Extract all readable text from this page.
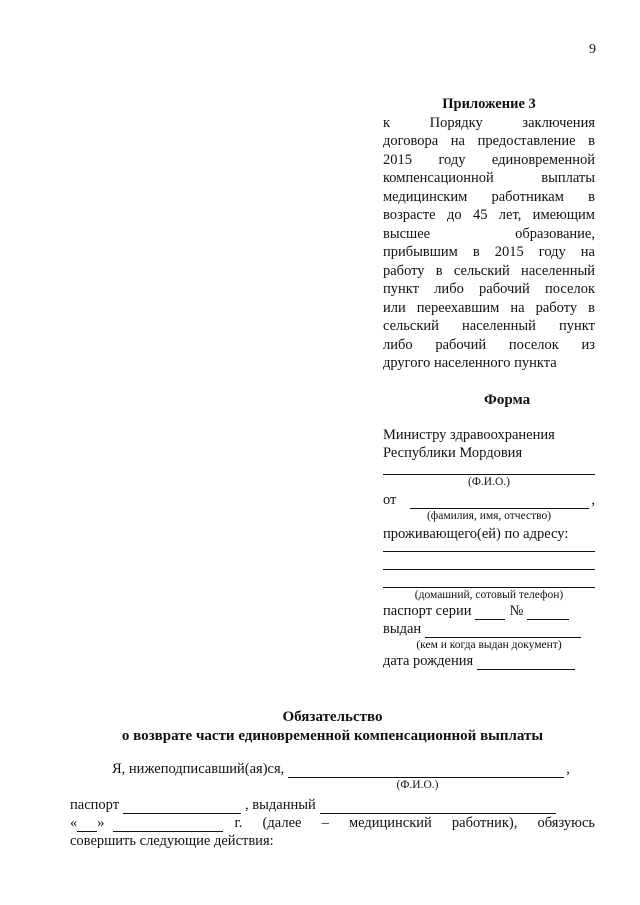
9
Приложение 3
к Порядку заключения
договора на предоставление в
2015 году единовременной
компенсационной выплаты
медицинским работникам в
возрасте до 45 лет, имеющим
высшее образование,
прибывшим в 2015 году на
работу в сельский населенный
пункт либо рабочий поселок
или переехавшим на работу в
сельский населенный пункт
либо рабочий поселок из
другого населенного пункта
Форма
Министру здравоохранения
Республики Мордовия
(Ф.И.О.)
от	,
(фамилия, имя, отчество)
проживающего(ей) по адресу:
(домашний, сотовый телефон)
паспорт серии	№
выдан
(кем и когда выдан документ)
дата рождения
Обязательство
о возврате части единовременной компенсационной выплаты
Я, нижеподписавший(ая)ся,	,
(Ф.И.О.)
паспорт	, выданный
« »	г. (далее – медицинский работник), обязуюсь
совершить следующие действия:
